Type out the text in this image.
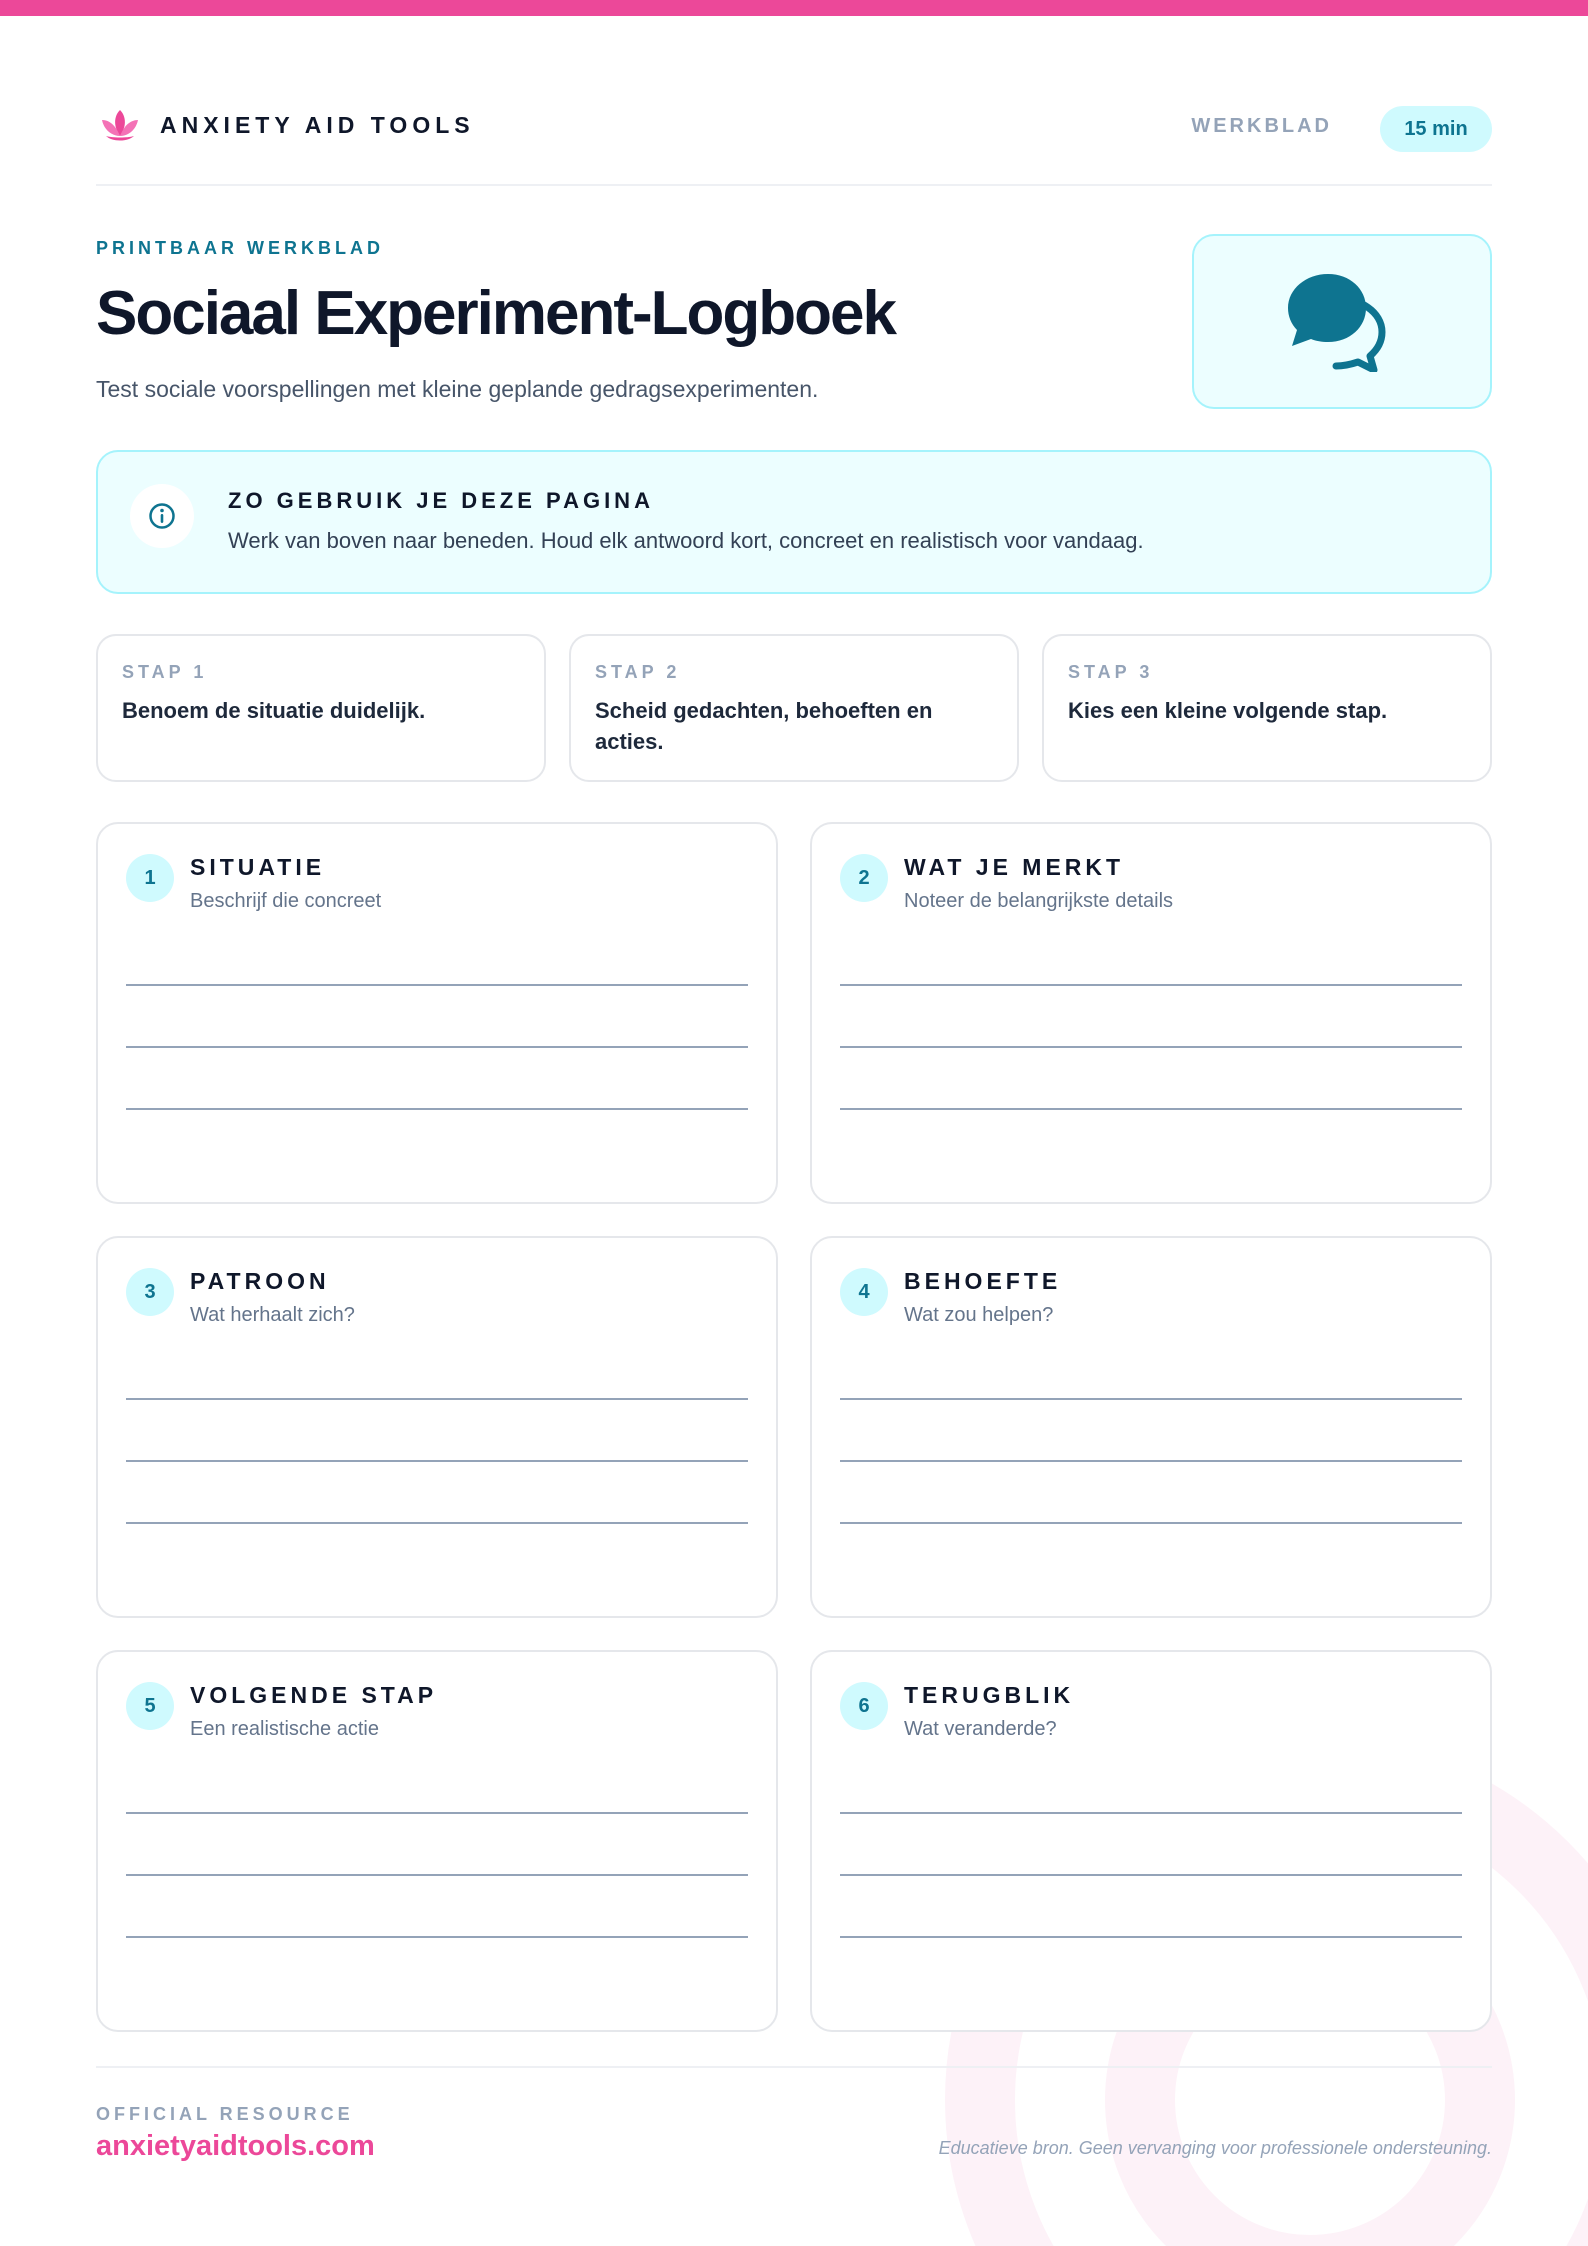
ANXIETY AID TOOLS	WERKBLAD	15 min
PRINTBAAR WERKBLAD
Sociaal Experiment-Logboek
Test sociale voorspellingen met kleine geplande gedragsexperimenten.
ZO GEBRUIK JE DEZE PAGINA
Werk van boven naar beneden. Houd elk antwoord kort, concreet en realistisch voor vandaag.
STAP 1
Benoem de situatie duidelijk.
STAP 2
Scheid gedachten, behoeften en acties.
STAP 3
Kies een kleine volgende stap.
1	SITUATIE
Beschrijf die concreet
2	WAT JE MERKT
Noteer de belangrijkste details
3	PATROON
Wat herhaalt zich?
4	BEHOEFTE
Wat zou helpen?
5	VOLGENDE STAP
Een realistische actie
6	TERUGBLIK
Wat veranderde?
OFFICIAL RESOURCE
anxietyaidtools.com	Educatieve bron. Geen vervanging voor professionele ondersteuning.
